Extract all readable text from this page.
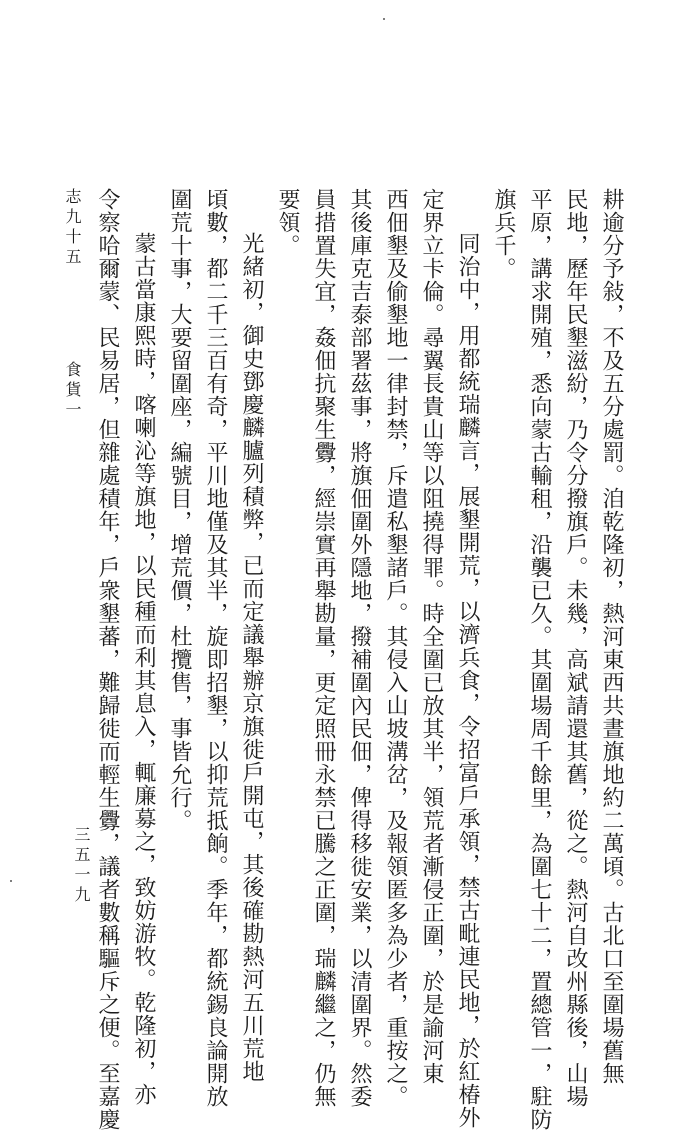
耕逾分予敍，不及五分處罰。洎乾隆初，熱河東西共晝旗地約二萬頃。古北口至圍場舊無
民地，歷年民墾滋紛，乃令分撥旗戶。未幾，高斌請還其舊，從之。熱河自改州縣後，山場
平原，講求開殖，悉向蒙古輸租，沿襲已久。其圍場周千餘里，為圍七十二，置總管一，駐防
旗兵千。
同治中，用都統瑞麟言，展墾開荒，以濟兵食，令招富戶承領，禁古毗連民地，於紅椿外
定界立卡倫。尋翼長貴山等以阻撓得罪。時全圍已放其半，領荒者漸侵正圍，於是諭河東
西佃墾及偷墾地一律封禁，斥遣私墾諸戶。其侵入山坡溝岔，及報領匿多為少者，重按之。
其後庫克吉泰部署茲事，將旗佃圍外隱地，撥補圍內民佃，俾得移徙安業，以清圍界。然委
員措置失宜，姦佃抗聚生釁，經崇實再舉勘量，更定照冊永禁已騰之正圍，瑞麟繼之，仍無
要領。
光緒初，御史鄧慶麟臚列積弊，已而定議舉辦京旗徙戶開屯，其後確勘熱河五川荒地
頃數，都二千三百有奇，平川地僅及其半，旋即招墾，以抑荒抵餉。季年，都統錫良論開放
圍荒十事，大要留圍座，編號目，增荒價，杜攬售，事皆允行。
蒙古當康熙時，喀喇沁等旗地，以民種而利其息入，輒廉募之，致妨游牧。乾隆初，亦
令察哈爾蒙、民易居，但雜處積年，戶衆墾蕃，難歸徙而輕生釁，議者數稱驅斥之便。至嘉慶
志九十五 食貨一
三五一九
